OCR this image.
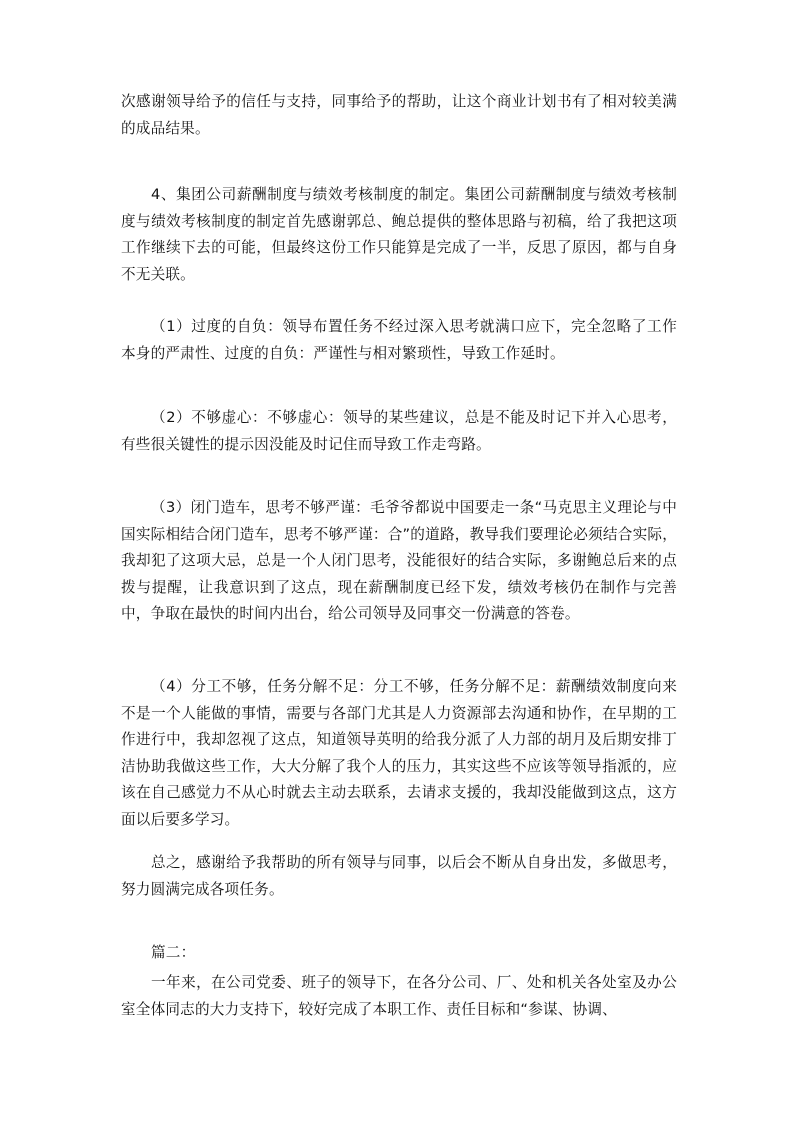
次感谢领导给予的信任与支持，同事给予的帮助，让这个商业计划书有了相对较美满的成品结果。

4、集团公司薪酬制度与绩效考核制度的制定。集团公司薪酬制度与绩效考核制度与绩效考核制度的制定首先感谢郭总、鲍总提供的整体思路与初稿，给了我把这项工作继续下去的可能，但最终这份工作只能算是完成了一半，反思了原因，都与自身不无关联。

（1）过度的自负：领导布置任务不经过深入思考就满口应下，完全忽略了工作本身的严肃性、过度的自负：严谨性与相对繁琐性，导致工作延时。

（2）不够虚心：不够虚心：领导的某些建议，总是不能及时记下并入心思考，有些很关键性的提示因没能及时记住而导致工作走弯路。

（3）闭门造车，思考不够严谨：毛爷爷都说中国要走一条“马克思主义理论与中国实际相结合闭门造车，思考不够严谨：合”的道路，教导我们要理论必须结合实际，我却犯了这项大忌，总是一个人闭门思考，没能很好的结合实际，多谢鲍总后来的点拨与提醒，让我意识到了这点，现在薪酬制度已经下发，绩效考核仍在制作与完善中，争取在最快的时间内出台，给公司领导及同事交一份满意的答卷。

（4）分工不够，任务分解不足：分工不够，任务分解不足：薪酬绩效制度向来不是一个人能做的事情，需要与各部门尤其是人力资源部去沟通和协作，在早期的工作进行中，我却忽视了这点，知道领导英明的给我分派了人力部的胡月及后期安排丁洁协助我做这些工作，大大分解了我个人的压力，其实这些不应该等领导指派的，应该在自己感觉力不从心时就去主动去联系，去请求支援的，我却没能做到这点，这方面以后要多学习。

总之，感谢给予我帮助的所有领导与同事，以后会不断从自身出发，多做思考，努力圆满完成各项任务。

篇二：

一年来，在公司党委、班子的领导下，在各分公司、厂、处和机关各处室及办公室全体同志的大力支持下，较好完成了本职工作、责任目标和“参谋、协调、
